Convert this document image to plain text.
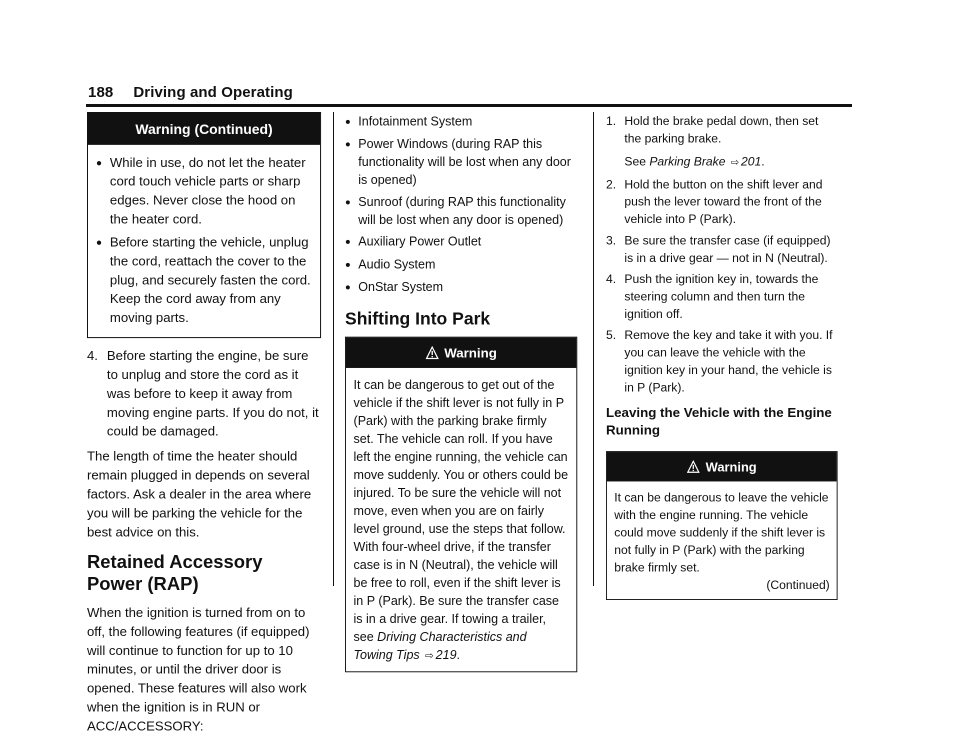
188 Driving and Operating
Warning (Continued)
● While in use, do not let the heater cord touch vehicle parts or sharp edges. Never close the hood on the heater cord.
● Before starting the vehicle, unplug the cord, reattach the cover to the plug, and securely fasten the cord. Keep the cord away from any moving parts.
4. Before starting the engine, be sure to unplug and store the cord as it was before to keep it away from moving engine parts. If you do not, it could be damaged.

The length of time the heater should remain plugged in depends on several factors. Ask a dealer in the area where you will be parking the vehicle for the best advice on this.

Retained Accessory Power (RAP)

When the ignition is turned from on to off, the following features (if equipped) will continue to function for up to 10 minutes, or until the driver door is opened. These features will also work when the ignition is in RUN or ACC/ACCESSORY:

● Infotainment System
● Power Windows (during RAP this functionality will be lost when any door is opened)
● Sunroof (during RAP this functionality will be lost when any door is opened)
● Auxiliary Power Outlet
● Audio System
● OnStar System
Shifting Into Park
Warning
It can be dangerous to get out of the vehicle if the shift lever is not fully in P (Park) with the parking brake firmly set. The vehicle can roll. If you have left the engine running, the vehicle can move suddenly. You or others could be injured. To be sure the vehicle will not move, even when you are on fairly level ground, use the steps that follow. With four-wheel drive, if the transfer case is in N (Neutral), the vehicle will be free to roll, even if the shift lever is in P (Park). Be sure the transfer case is in a drive gear. If towing a trailer, see Driving Characteristics and Towing Tips ⇨ 219.
1. Hold the brake pedal down, then set the parking brake.

See Parking Brake ⇨ 201.

2. Hold the button on the shift lever and push the lever toward the front of the vehicle into P (Park).
3. Be sure the transfer case (if equipped) is in a drive gear — not in N (Neutral).
4. Push the ignition key in, towards the steering column and then turn the ignition off.
5. Remove the key and take it with you. If you can leave the vehicle with the ignition key in your hand, the vehicle is in P (Park).
Leaving the Vehicle with the Engine Running
Warning
It can be dangerous to leave the vehicle with the engine running. The vehicle could move suddenly if the shift lever is not fully in P (Park) with the parking brake firmly set.
(Continued)
